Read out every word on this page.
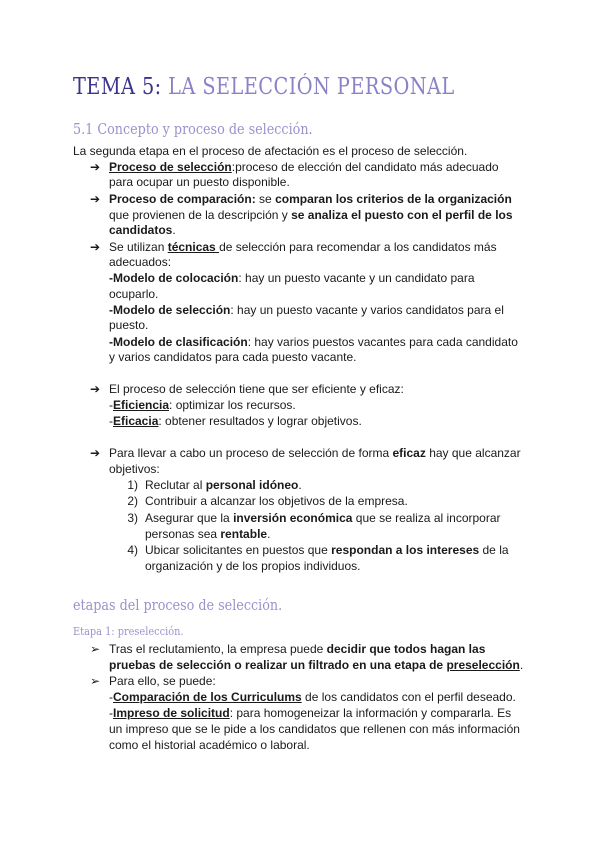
TEMA 5: LA SELECCIÓN PERSONAL
5.1 Concepto y proceso de selección.

La segunda etapa en el proceso de afectación es el proceso de selección.

➔ Proceso de selección:proceso de elección del candidato más adecuado

para ocupar un puesto disponible.

➔ Proceso de comparación: se comparan los criterios de la organización

que provienen de la descripción y se analiza el puesto con el perfil de los

candidatos.

➔ Se utilizan técnicas de selección para recomendar a los candidatos más

adecuados:

-Modelo de colocación: hay un puesto vacante y un candidato para

ocuparlo.

-Modelo de selección: hay un puesto vacante y varios candidatos para el

puesto.

-Modelo de clasificación: hay varios puestos vacantes para cada candidato

y varios candidatos para cada puesto vacante.

➔ El proceso de selección tiene que ser eficiente y eficaz:

-Eficiencia: optimizar los recursos.

-Eficacia: obtener resultados y lograr objetivos.

➔ Para llevar a cabo un proceso de selección de forma eficaz hay que alcanzar

objetivos:

1) Reclutar al personal idóneo.

2) Contribuir a alcanzar los objetivos de la empresa.

3) Asegurar que la inversión económica que se realiza al incorporar

personas sea rentable.

4) Ubicar solicitantes en puestos que respondan a los intereses de la

organización y de los propios individuos.

etapas del proceso de selección.
Etapa 1: preselección.
➢ Tras el reclutamiento, la empresa puede decidir que todos hagan las

pruebas de selección o realizar un filtrado en una etapa de preselección.

➢ Para ello, se puede:

-Comparación de los Curriculums de los candidatos con el perfil deseado.

-Impreso de solicitud: para homogeneizar la información y compararla. Es

un impreso que se le pide a los candidatos que rellenen con más información

como el historial académico o laboral.
